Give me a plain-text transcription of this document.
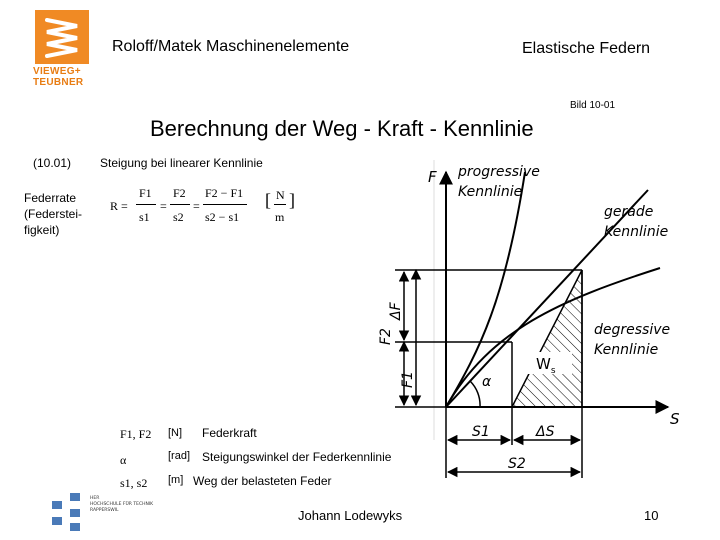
VIEWEG+
TEUBNER
Roloff/Matek Maschinenelemente	Elastische Federn
Bild 10-01
Berechnung der Weg - Kraft - Kennlinie
(10.01) Steigung bei linearer Kennlinie
Federrate
(Federstei-
figkeit)
R =
F1
s1
=
F2
s2
=
F2 − F1
s2 − s1
[ N
m
]
F1, F2 [N] Federkraft
α	[rad] Steigungswinkel der Federkennlinie
s1, s2 [m] Weg der belasteten Feder
F
S
progressive
Kennlinie
gerade
Kennlinie
degressive
Kennlinie
F2
ΔF
F1
S1	ΔS
S2
α
$W_s$
HER
HOCHSCHULE FÜR TECHNIK
RAPPERSWIL	Johann Lodewyks	10
